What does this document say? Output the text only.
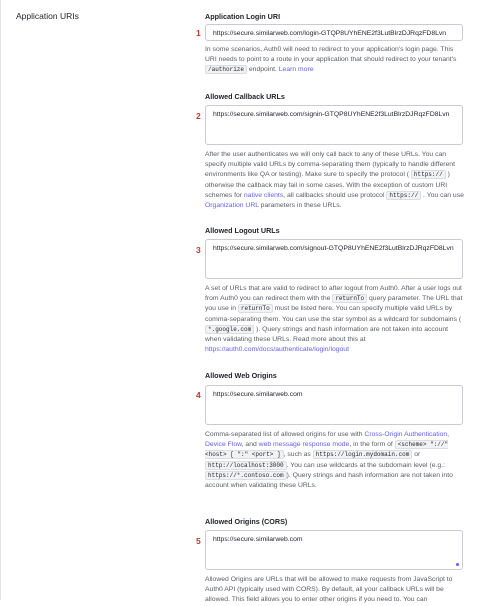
Application URIs	Application Login URI
1	https://secure.similarweb.com/login-GTQP8UYhENE2f3LutBlrzDJRqzFD8Lvn
In some scenarios, Auth0 will need to redirect to your application's login page. This URI needs to point to a route in your application that should redirect to your tenant's /authorize endpoint. Learn more
Allowed Callback URLs
2	https://secure.similarweb.com/signin-GTQP8UYhENE2f3LutBlrzDJRqzFD8Lvn
After the user authenticates we will only call back to any of these URLs. You can specify multiple valid URLs by comma-separating them (typically to handle different environments like QA or testing). Make sure to specify the protocol ( https:// ) otherwise the callback may fail in some cases. With the exception of custom URI schemes for native clients, all callbacks should use protocol https:// . You can use Organization URL parameters in these URLs.
Allowed Logout URLs
3	https://secure.similarweb.com/signout-GTQP8UYhENE2f3LutBlrzDJRqzFD8Lvn
A set of URLs that are valid to redirect to after logout from Auth0. After a user logs out from Auth0 you can redirect them with the returnTo query parameter. The URL that you use in returnTo must be listed here. You can specify multiple valid URLs by comma-separating them. You can use the star symbol as a wildcard for subdomains ( *.google.com ). Query strings and hash information are not taken into account when validating these URLs. Read more about this at https://auth0.com/docs/authenticate/login/logout
Allowed Web Origins
4	https://secure.similarweb.com
Comma-separated list of allowed origins for use with Cross-Origin Authentication, Device Flow, and web message response mode, in the form of <scheme> "://" <host> [ ":" <port> ] , such as https://login.mydomain.com or http://localhost:3000 . You can use wildcards at the subdomain level (e.g.: https://*.contoso.com ). Query strings and hash information are not taken into account when validating these URLs.
Allowed Origins (CORS)
5	https://secure.similarweb.com
Allowed Origins are URLs that will be allowed to make requests from JavaScript to Auth0 API (typically used with CORS). By default, all your callback URLs will be allowed. This field allows you to enter other origins if you need to. You can
